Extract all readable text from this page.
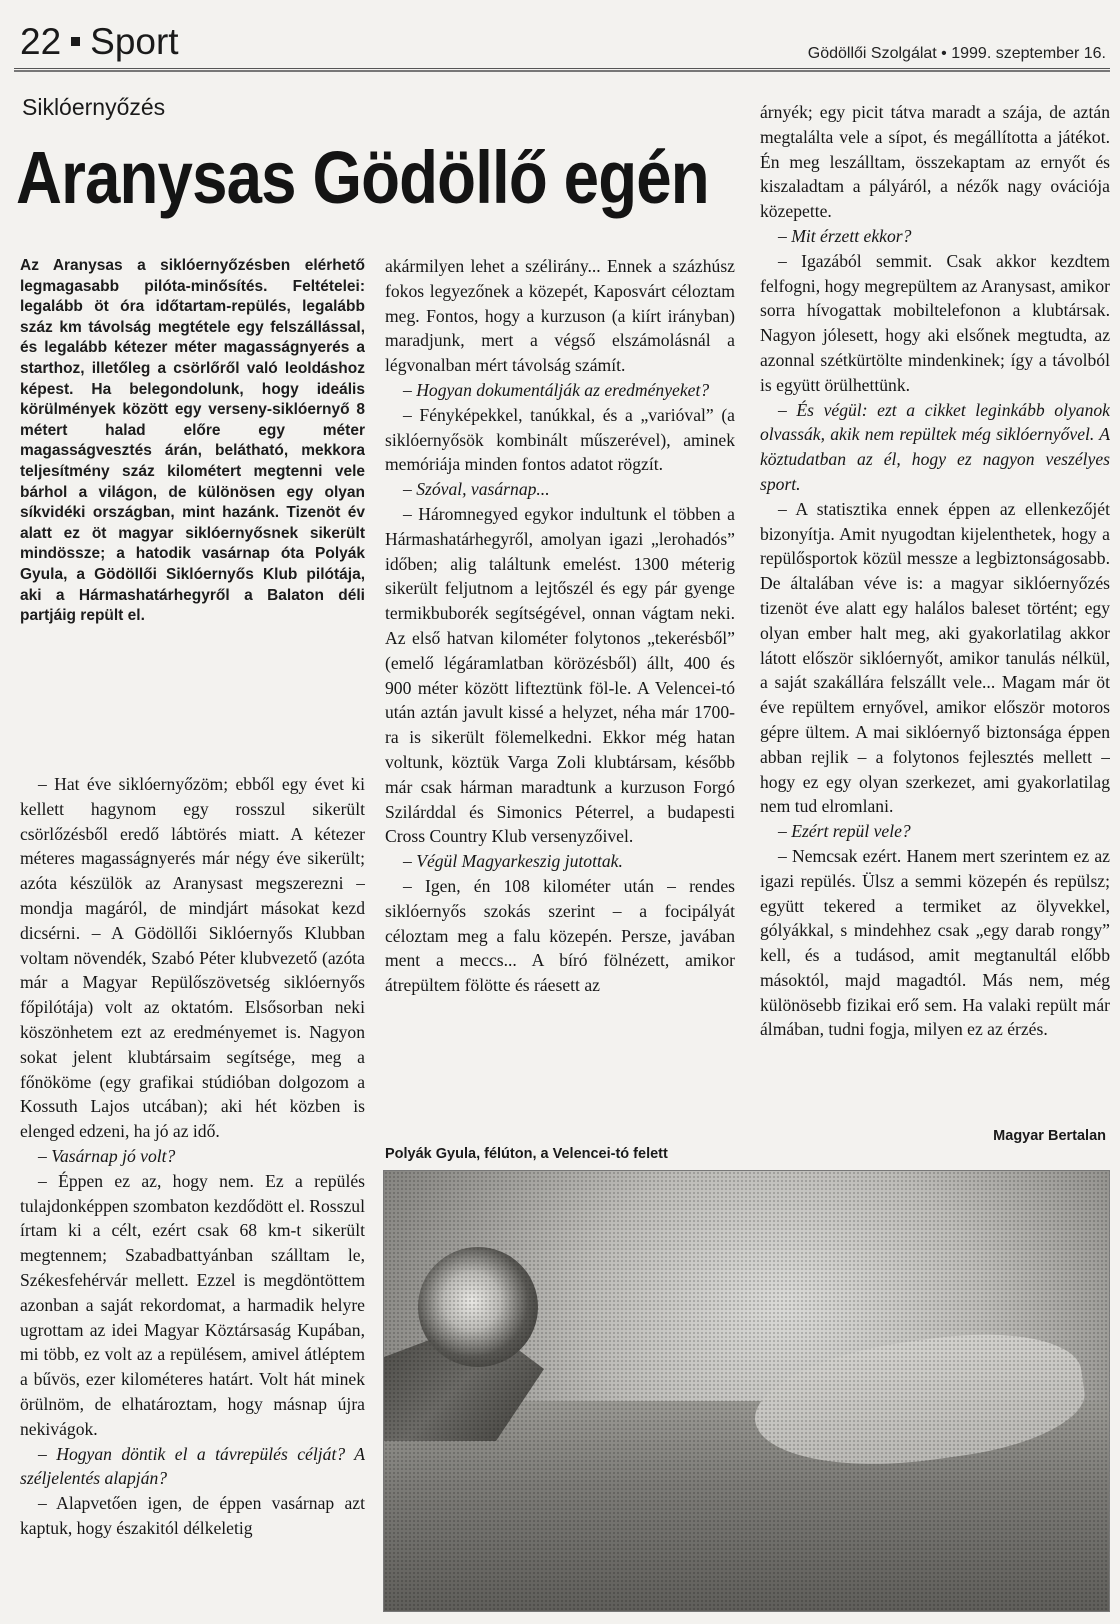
22 Sport	Gödöllői Szolgálat • 1999. szeptember 16.
Siklóernyőzés
Aranysas Gödöllő egén
Az Aranysas a siklóernyőzésben elérhető legmagasabb pilóta-minősítés. Feltételei: legalább öt óra időtartam-repülés, legalább száz km távolság megtétele egy felszállással, és legalább kétezer méter magasságnyerés a starthoz, illetőleg a csörlőről való leoldáshoz képest. Ha belegondolunk, hogy ideális körülmények között egy verseny-siklóernyő 8 métert halad előre egy méter magasságvesztés árán, belátható, mekkora teljesítmény száz kilométert megtenni vele bárhol a világon, de különösen egy olyan síkvidéki országban, mint hazánk. Tizenöt év alatt ez öt magyar siklóernyősnek sikerült mindössze; a hatodik vasárnap óta Polyák Gyula, a Gödöllői Siklóernyős Klub pilótája, aki a Hármashatárhegyről a Balaton déli partjáig repült el.

– Hat éve siklóernyőzöm; ebből egy évet ki kellett hagynom egy rosszul sikerült csörlőzésből eredő lábtörés miatt. A kétezer méteres magasságnyerés már négy éve sikerült; azóta készülök az Aranysast megszerezni – mondja magáról, de mindjárt másokat kezd dicsérni. – A Gödöllői Siklóernyős Klubban voltam növendék, Szabó Péter klubvezető (azóta már a Magyar Repülőszövetség siklóernyős főpilótája) volt az oktatóm. Elsősorban neki köszönhetem ezt az eredményemet is. Nagyon sokat jelent klubtársaim segítsége, meg a főnököme (egy grafikai stúdióban dolgozom a Kossuth Lajos utcában); aki hét közben is elenged edzeni, ha jó az idő.

– Vasárnap jó volt?

– Éppen ez az, hogy nem. Ez a repülés tulajdonképpen szombaton kezdődött el. Rosszul írtam ki a célt, ezért csak 68 km-t sikerült megtennem; Szabadbattyánban szálltam le, Székesfehérvár mellett. Ezzel is megdöntöttem azonban a saját rekordomat, a harmadik helyre ugrottam az idei Magyar Köztársaság Kupában, mi több, ez volt az a repülésem, amivel átléptem a bűvös, ezer kilométeres határt. Volt hát minek örülnöm, de elhatároztam, hogy másnap újra nekivágok.

– Hogyan döntik el a távrepülés célját? A széljelentés alapján?

– Alapvetően igen, de éppen vasárnap azt kaptuk, hogy északitól délkeletig

akármilyen lehet a szélirány... Ennek a százhúsz fokos legyezőnek a közepét, Kaposvárt céloztam meg. Fontos, hogy a kurzuson (a kiírt irányban) maradjunk, mert a végső elszámolásnál a légvonalban mért távolság számít.

– Hogyan dokumentálják az eredményeket?

– Fényképekkel, tanúkkal, és a „varióval” (a siklóernyősök kombinált műszerével), aminek memóriája minden fontos adatot rögzít.

– Szóval, vasárnap...

– Háromnegyed egykor indultunk el többen a Hármashatárhegyről, amolyan igazi „lerohadós” időben; alig találtunk emelést. 1300 méterig sikerült feljutnom a lejtőszél és egy pár gyenge termikbuborék segítségével, onnan vágtam neki. Az első hatvan kilométer folytonos „tekerésből” (emelő légáramlatban körözésből) állt, 400 és 900 méter között lifteztünk föl-le. A Velencei-tó után aztán javult kissé a helyzet, néha már 1700-ra is sikerült fölemelkedni. Ekkor még hatan voltunk, köztük Varga Zoli klubtársam, később már csak hárman maradtunk a kurzuson Forgó Szilárddal és Simonics Péterrel, a budapesti Cross Country Klub versenyzőivel.

– Végül Magyarkeszig jutottak.

– Igen, én 108 kilométer után – rendes siklóernyős szokás szerint – a focipályát céloztam meg a falu közepén. Persze, javában ment a meccs... A bíró fölnézett, amikor átrepültem fölötte és ráesett az

árnyék; egy picit tátva maradt a szája, de aztán megtalálta vele a sípot, és megállította a játékot. Én meg leszálltam, összekaptam az ernyőt és kiszaladtam a pályáról, a nézők nagy ovációja közepette.

– Mit érzett ekkor?

– Igazából semmit. Csak akkor kezdtem felfogni, hogy megrepültem az Aranysast, amikor sorra hívogattak mobiltelefonon a klubtársak. Nagyon jólesett, hogy aki elsőnek megtudta, az azonnal szétkürtölte mindenkinek; így a távolból is együtt örülhettünk.

– És végül: ezt a cikket leginkább olyanok olvassák, akik nem repültek még siklóernyővel. A köztudatban az él, hogy ez nagyon veszélyes sport.

– A statisztika ennek éppen az ellenkezőjét bizonyítja. Amit nyugodtan kijelenthetek, hogy a repülősportok közül messze a legbiztonságosabb. De általában véve is: a magyar siklóernyőzés tizenöt éve alatt egy halálos baleset történt; egy olyan ember halt meg, aki gyakorlatilag akkor látott először siklóernyőt, amikor tanulás nélkül, a saját szakállára felszállt vele... Magam már öt éve repültem ernyővel, amikor először motoros gépre ültem. A mai siklóernyő biztonsága éppen abban rejlik – a folytonos fejlesztés mellett – hogy ez egy olyan szerkezet, ami gyakorlatilag nem tud elromlani.

– Ezért repül vele?

– Nemcsak ezért. Hanem mert szerintem ez az igazi repülés. Ülsz a semmi közepén és repülsz; együtt tekered a termiket az ölyvekkel, gólyákkal, s mindehhez csak „egy darab rongy” kell, és a tudásod, amit megtanultál előbb másoktól, majd magadtól. Más nem, még különösebb fizikai erő sem. Ha valaki repült már álmában, tudni fogja, milyen ez az érzés.

Magyar Bertalan
Polyák Gyula, félúton, a Velencei-tó felett
